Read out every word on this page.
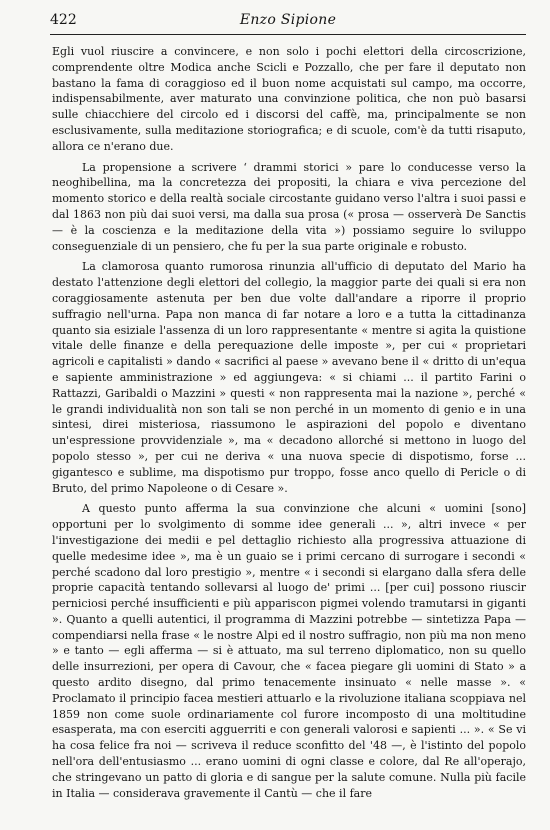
422	Enzo Sipione

Egli vuol riuscire a convincere, e non solo i pochi elettori della circoscrizione, comprendente oltre Modica anche Scicli e Pozzallo, che per fare il deputato non bastano la fama di coraggioso ed il buon nome acquistati sul campo, ma occorre, indispensabilmente, aver maturato una convinzione politica, che non può basarsi sulle chiacchiere del circolo ed i discorsi del caffè, ma, principalmente se non esclusivamente, sulla meditazione storiografica; e di scuole, com'è da tutti risaputo, allora ce n'erano due.

La propensione a scrivere ‘ drammi storici » pare lo conducesse verso la neoghibellina, ma la concretezza dei propositi, la chiara e viva percezione del momento storico e della realtà sociale circostante guidano verso l'altra i suoi passi e dal 1863 non più dai suoi versi, ma dalla sua prosa (« prosa — osserverà De Sanctis — è la coscienza e la meditazione della vita ») possiamo seguire lo sviluppo conseguenziale di un pensiero, che fu per la sua parte originale e robusto.

La clamorosa quanto rumorosa rinunzia all'ufficio di deputato del Mario ha destato l'attenzione degli elettori del collegio, la maggior parte dei quali si era non coraggiosamente astenuta per ben due volte dall'andare a riporre il proprio suffragio nell'urna. Papa non manca di far notare a loro e a tutta la cittadinanza quanto sia esiziale l'assenza di un loro rappresentante « mentre si agita la quistione vitale delle finanze e della perequazione delle imposte », per cui « proprietari agricoli e capitalisti » dando « sacrifici al paese » avevano bene il « dritto di un'equa e sapiente amministrazione » ed aggiungeva: « si chiami ... il partito Farini o Rattazzi, Garibaldi o Mazzini » questi « non rappresenta mai la nazione », perché « le grandi individualità non son tali se non perché in un momento di genio e in una sintesi, direi misteriosa, riassumono le aspirazioni del popolo e diventano un'espressione provvidenziale », ma « decadono allorché si mettono in luogo del popolo stesso », per cui ne deriva « una nuova specie di dispotismo, forse ... gigantesco e sublime, ma dispotismo pur troppo, fosse anco quello di Pericle o di Bruto, del primo Napoleone o di Cesare ».

A questo punto afferma la sua convinzione che alcuni « uomini [sono] opportuni per lo svolgimento di somme idee generali ... », altri invece « per l'investigazione dei medii e pel dettaglio richiesto alla progressiva attuazione di quelle medesime idee », ma è un guaio se i primi cercano di surrogare i secondi « perché scadono dal loro prestigio », mentre « i secondi si elargano dalla sfera delle proprie capacità tentando sollevarsi al luogo de' primi ... [per cui] possono riuscir perniciosi perché insufficienti e più appariscon pigmei volendo tramutarsi in giganti ». Quanto a quelli autentici, il programma di Mazzini potrebbe — sintetizza Papa — compendiarsi nella frase « le nostre Alpi ed il nostro suffragio, non più ma non meno » e tanto — egli afferma — si è attuato, ma sul terreno diplomatico, non su quello delle insurrezioni, per opera di Cavour, che « facea piegare gli uomini di Stato » a questo ardito disegno, dal primo tenacemente insinuato « nelle masse ». « Proclamato il principio facea mestieri attuarlo e la rivoluzione italiana scoppiava nel 1859 non come suole ordinariamente col furore incomposto di una moltitudine esasperata, ma con eserciti agguerriti e con generali valorosi e sapienti ... ». « Se vi ha cosa felice fra noi — scriveva il reduce sconfitto del '48 —, è l'istinto del popolo nell'ora dell'entusiasmo ... erano uomini di ogni classe e colore, dal Re all'operajo, che stringevano un patto di gloria e di sangue per la salute comune. Nulla più facile in Italia — considerava gravemente il Cantù — che il fare
